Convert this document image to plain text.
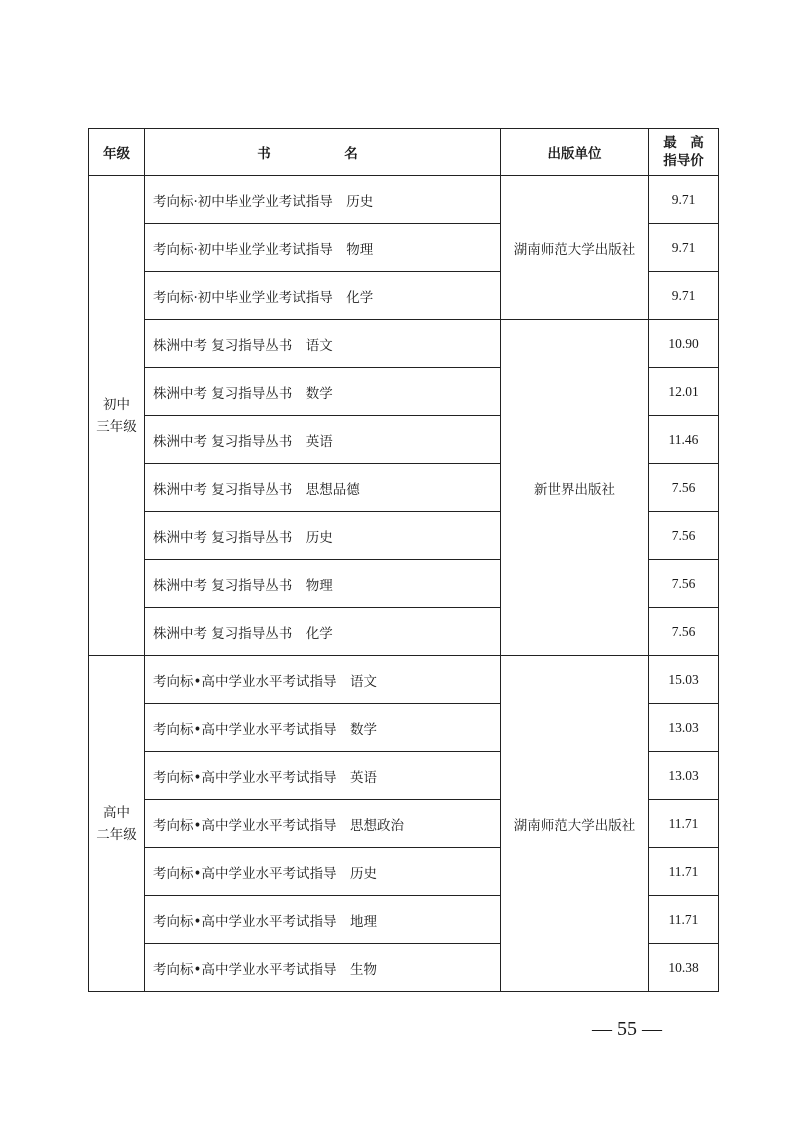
年级	书　名	出版单位	最　高
指导价

初中
三年级	考向标·初中毕业学业考试指导　历史	湖南师范大学出版社	9.71
	考向标·初中毕业学业考试指导　物理		9.71
	考向标·初中毕业学业考试指导　化学		9.71
	株洲中考 复习指导丛书　语文	新世界出版社	10.90
	株洲中考 复习指导丛书　数学		12.01
	株洲中考 复习指导丛书　英语		11.46
	株洲中考 复习指导丛书　思想品德		7.56
	株洲中考 复习指导丛书　历史		7.56
	株洲中考 复习指导丛书　物理		7.56
	株洲中考 复习指导丛书　化学		7.56

高中
二年级	考向标•高中学业水平考试指导　语文	湖南师范大学出版社	15.03
	考向标•高中学业水平考试指导　数学		13.03
	考向标•高中学业水平考试指导　英语		13.03
	考向标•高中学业水平考试指导　思想政治		11.71
	考向标•高中学业水平考试指导　历史		11.71
	考向标•高中学业水平考试指导　地理		11.71
	考向标•高中学业水平考试指导　生物		10.38
— 55 —
